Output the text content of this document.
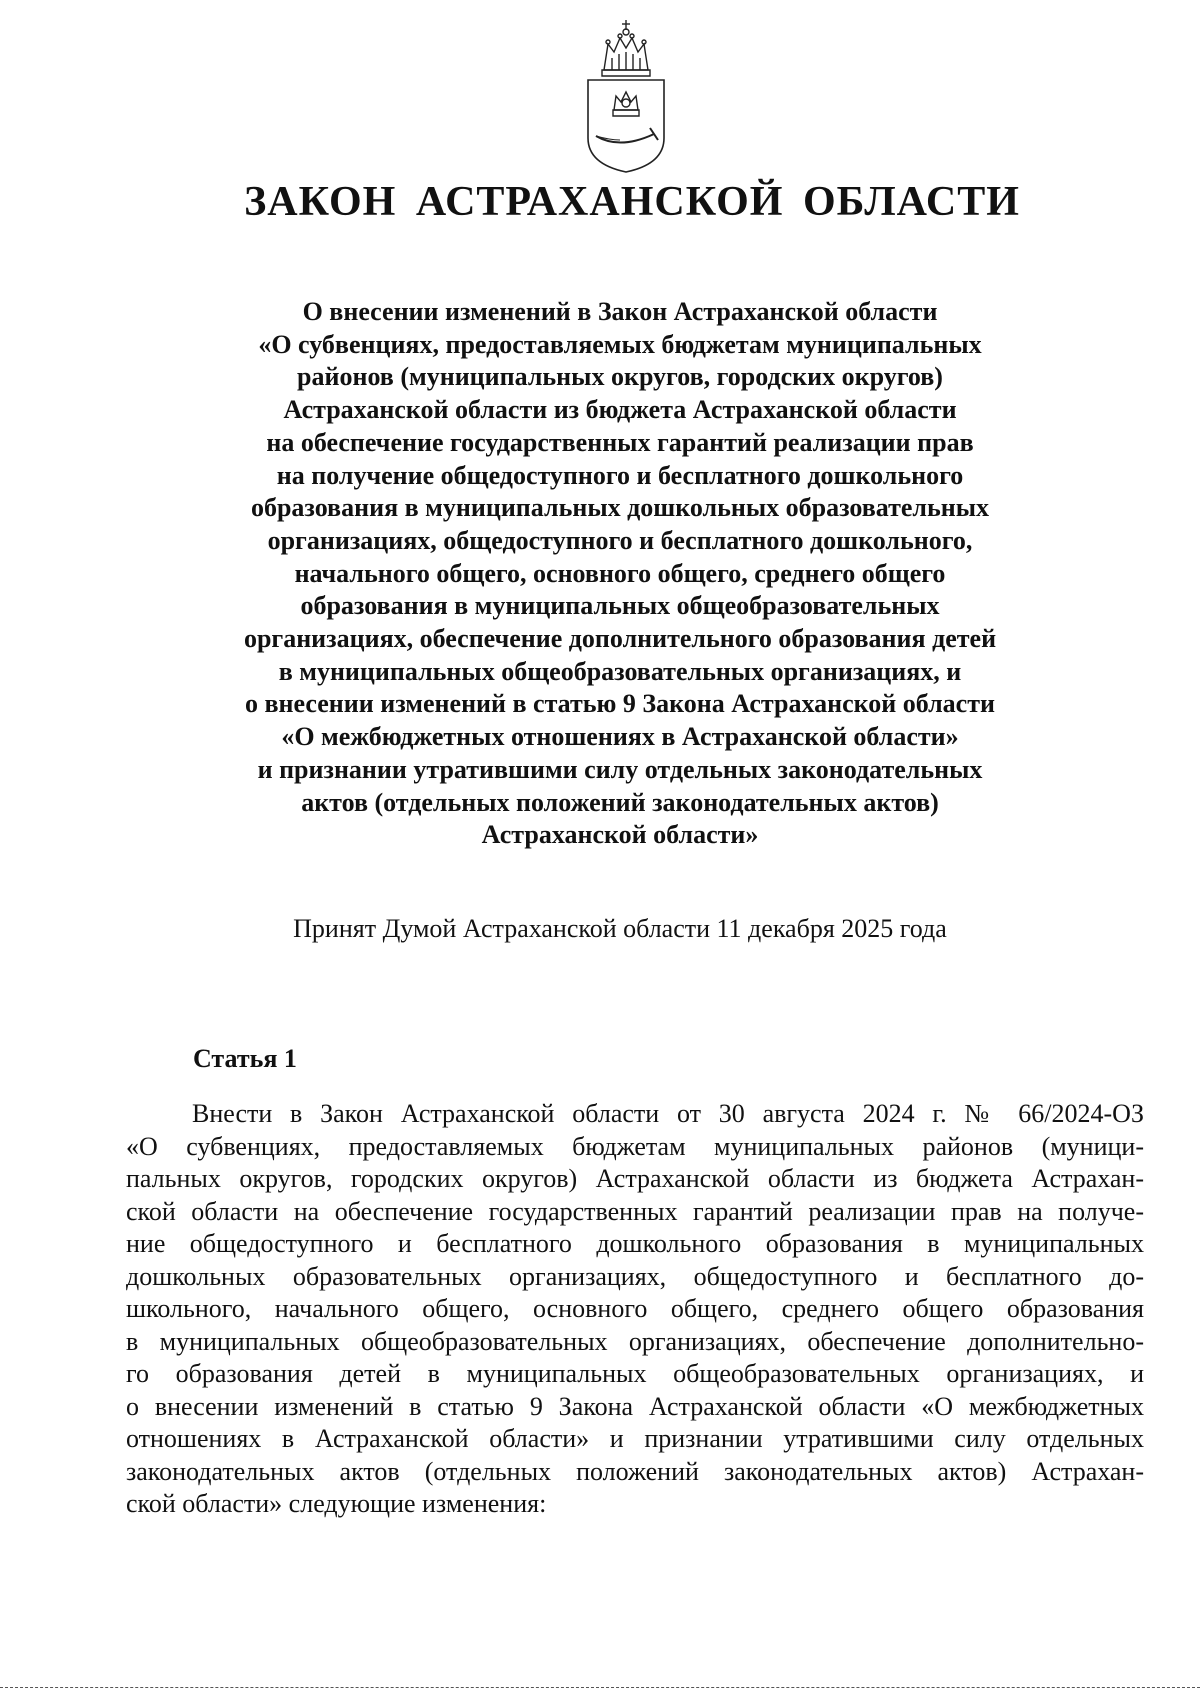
ЗАКОН АСТРАХАНСКОЙ ОБЛАСТИ
О внесении изменений в Закон Астраханской области
«О субвенциях, предоставляемых бюджетам муниципальных
районов (муниципальных округов, городских округов)
Астраханской области из бюджета Астраханской области
на обеспечение государственных гарантий реализации прав
на получение общедоступного и бесплатного дошкольного
образования в муниципальных дошкольных образовательных
организациях, общедоступного и бесплатного дошкольного,
начального общего, основного общего, среднего общего
образования в муниципальных общеобразовательных
организациях, обеспечение дополнительного образования детей
в муниципальных общеобразовательных организациях, и
о внесении изменений в статью 9 Закона Астраханской области
«О межбюджетных отношениях в Астраханской области»
и признании утратившими силу отдельных законодательных
актов (отдельных положений законодательных актов)
Астраханской области»

Принят Думой Астраханской области 11 декабря 2025 года

Статья 1
Внести в Закон Астраханской области от 30 августа 2024 г. № 66/2024-ОЗ
«О субвенциях, предоставляемых бюджетам муниципальных районов (муници-
пальных округов, городских округов) Астраханской области из бюджета Астрахан-
ской области на обеспечение государственных гарантий реализации прав на получе-
ние общедоступного и бесплатного дошкольного образования в муниципальных
дошкольных образовательных организациях, общедоступного и бесплатного до-
школьного, начального общего, основного общего, среднего общего образования
в муниципальных общеобразовательных организациях, обеспечение дополнительно-
го образования детей в муниципальных общеобразовательных организациях, и
о внесении изменений в статью 9 Закона Астраханской области «О межбюджетных
отношениях в Астраханской области» и признании утратившими силу отдельных
законодательных актов (отдельных положений законодательных актов) Астрахан-
ской области» следующие изменения:
